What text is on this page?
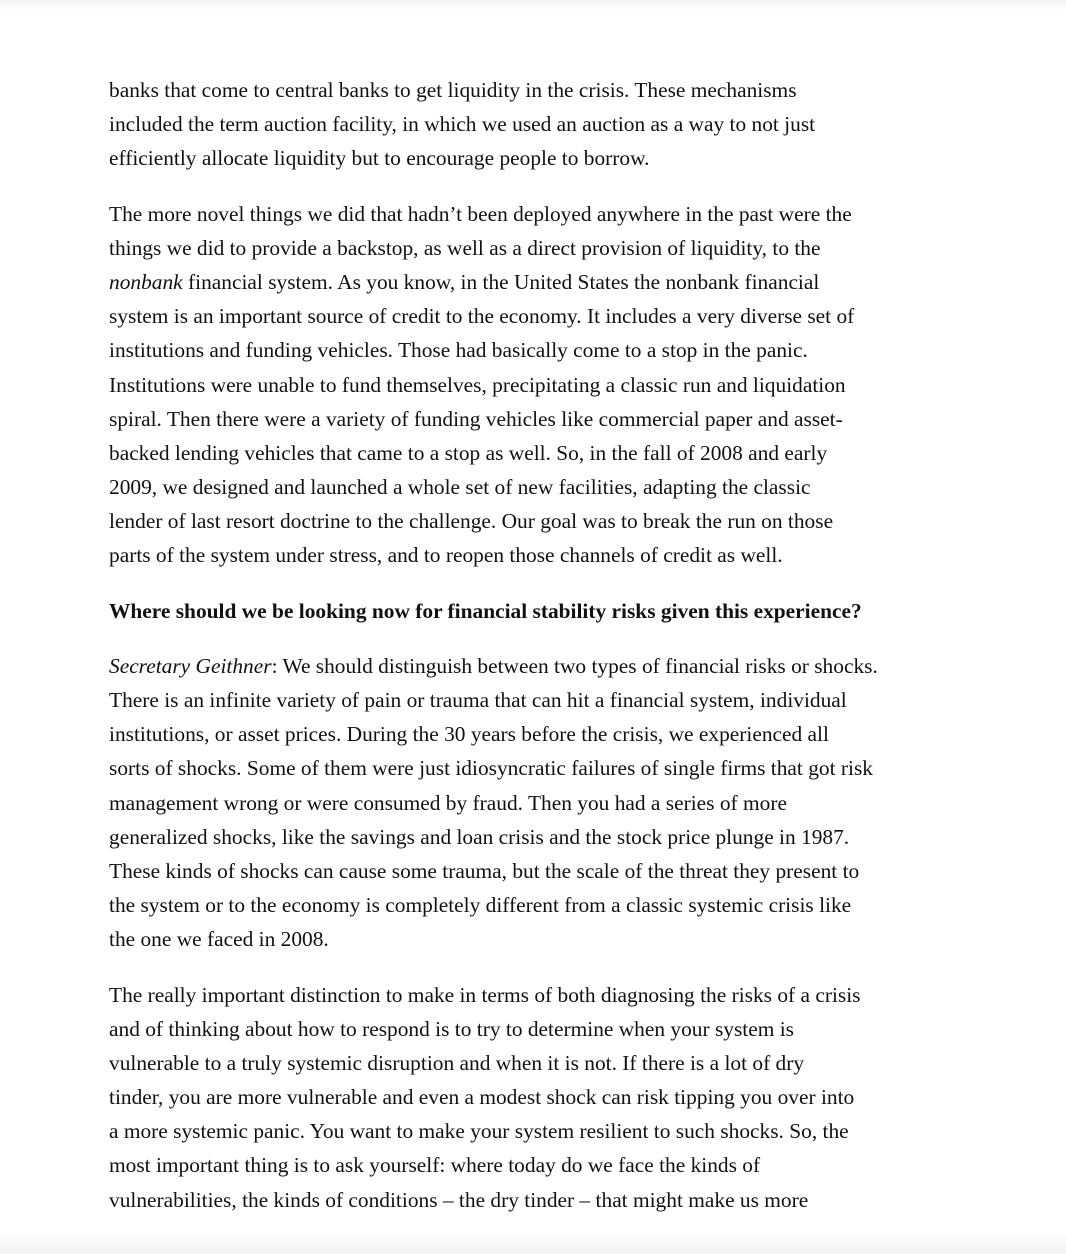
banks that come to central banks to get liquidity in the crisis. These mechanisms
included the term auction facility, in which we used an auction as a way to not just
efficiently allocate liquidity but to encourage people to borrow.

The more novel things we did that hadn’t been deployed anywhere in the past were the
things we did to provide a backstop, as well as a direct provision of liquidity, to the
nonbank financial system. As you know, in the United States the nonbank financial
system is an important source of credit to the economy. It includes a very diverse set of
institutions and funding vehicles. Those had basically come to a stop in the panic.
Institutions were unable to fund themselves, precipitating a classic run and liquidation
spiral. Then there were a variety of funding vehicles like commercial paper and asset-
backed lending vehicles that came to a stop as well. So, in the fall of 2008 and early
2009, we designed and launched a whole set of new facilities, adapting the classic
lender of last resort doctrine to the challenge. Our goal was to break the run on those
parts of the system under stress, and to reopen those channels of credit as well.

Where should we be looking now for financial stability risks given this experience?

Secretary Geithner: We should distinguish between two types of financial risks or shocks.
There is an infinite variety of pain or trauma that can hit a financial system, individual
institutions, or asset prices. During the 30 years before the crisis, we experienced all
sorts of shocks. Some of them were just idiosyncratic failures of single firms that got risk
management wrong or were consumed by fraud. Then you had a series of more
generalized shocks, like the savings and loan crisis and the stock price plunge in 1987.
These kinds of shocks can cause some trauma, but the scale of the threat they present to
the system or to the economy is completely different from a classic systemic crisis like
the one we faced in 2008.

The really important distinction to make in terms of both diagnosing the risks of a crisis
and of thinking about how to respond is to try to determine when your system is
vulnerable to a truly systemic disruption and when it is not. If there is a lot of dry
tinder, you are more vulnerable and even a modest shock can risk tipping you over into
a more systemic panic. You want to make your system resilient to such shocks. So, the
most important thing is to ask yourself: where today do we face the kinds of
vulnerabilities, the kinds of conditions – the dry tinder – that might make us more
